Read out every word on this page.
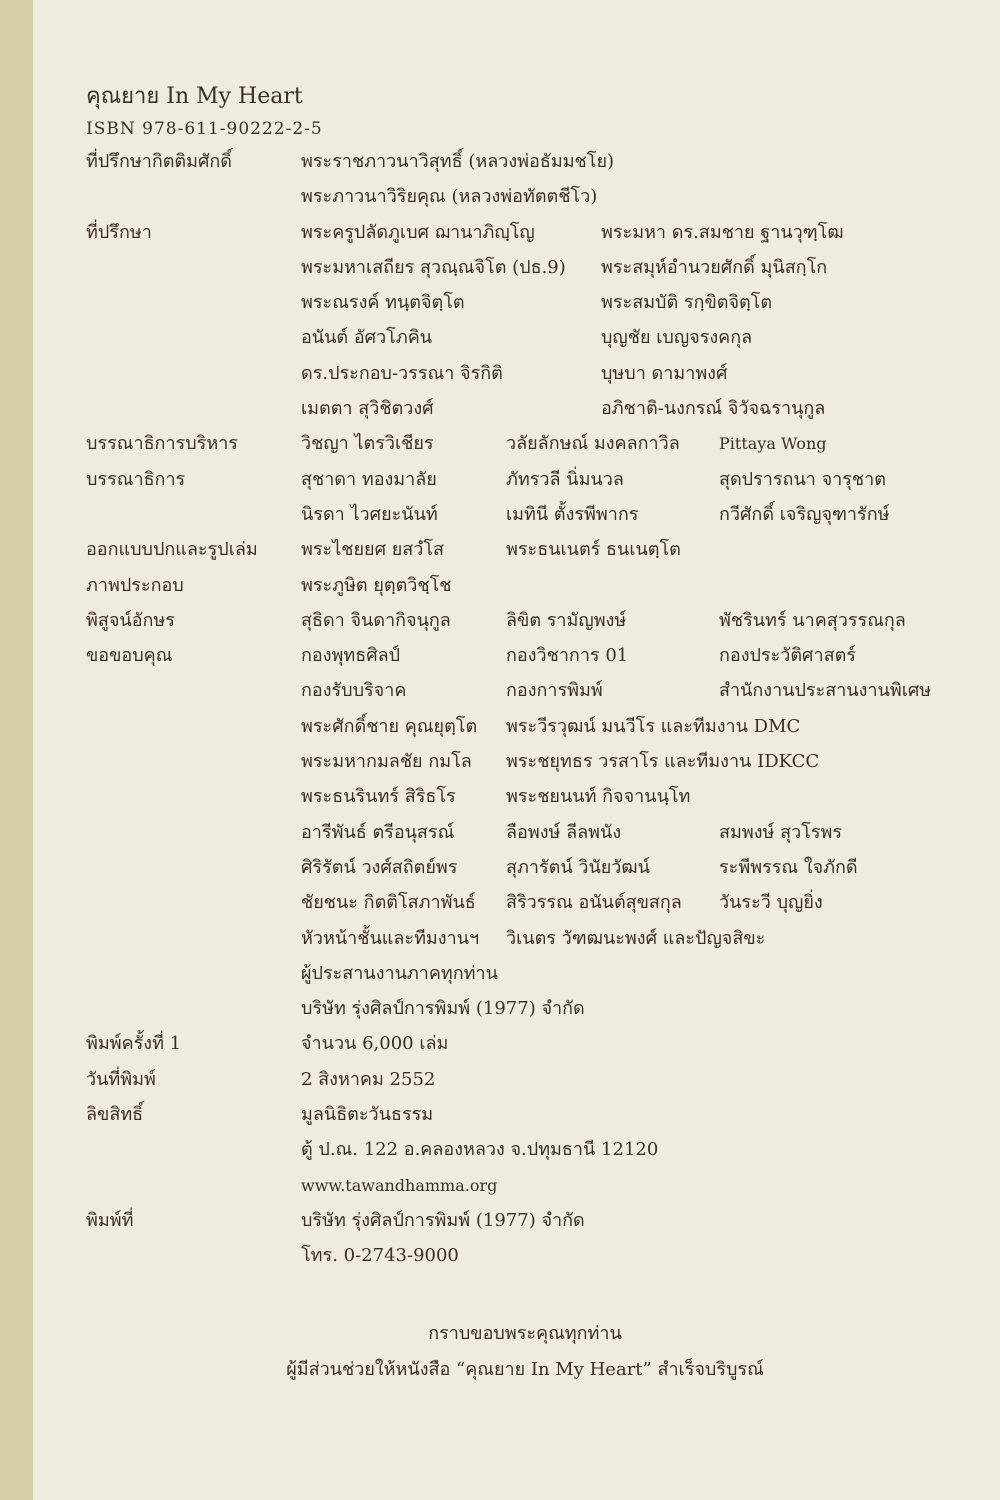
คุณยาย In My Heart
ISBN 978-611-90222-2-5
ที่ปรึกษากิตติมศักดิ์	พระราชภาวนาวิสุทธิ์ (หลวงพ่อธัมมชโย)
พระภาวนาวิริยคุณ (หลวงพ่อทัตตชีโว)
ที่ปรึกษา	พระครูปลัดภูเบศ ฌานาภิญฺโญ	พระมหา ดร.สมชาย ฐานวุฑฺโฒ
พระมหาเสถียร สุวณฺณจิโต (ปธ.9)	พระสมุห์อำนวยศักดิ์ มุนิสกฺโก
พระณรงค์ ทนฺตจิตฺโต	พระสมบัติ รกฺขิตจิตฺโต
อนันต์ อัศวโภคิน	บุญชัย เบญจรงคกุล
ดร.ประกอบ-วรรณา จิรกิติ	บุษบา ดามาพงศ์
เมตตา สุวิชิตวงศ์	อภิชาติ-นงกรณ์ จิวัจฉรานุกูล
บรรณาธิการบริหาร	วิชญา ไตรวิเชียร	วลัยลักษณ์ มงคลกาวิล	Pittaya Wong
บรรณาธิการ	สุชาดา ทองมาลัย	ภัทรวลี นิ่มนวล	สุดปรารถนา จารุชาต
นิรดา ไวศยะนันท์	เมทินี ตั้งรพีพากร	กวีศักดิ์ เจริญจุฑารักษ์
ออกแบบปกและรูปเล่ม	พระไชยยศ ยสวํโส	พระธนเนตร์ ธนเนตฺโต
ภาพประกอบ	พระภูษิต ยุตฺตวิชฺโช
พิสูจน์อักษร	สุธิดา จินดากิจนุกูล	ลิขิต รามัญพงษ์	พัชรินทร์ นาคสุวรรณกุล
ขอขอบคุณ	กองพุทธศิลป์	กองวิชาการ 01	กองประวัติศาสตร์
กองรับบริจาค	กองการพิมพ์	สำนักงานประสานงานพิเศษ
พระศักดิ์ชาย คุณยุตฺโต	พระวีรวุฒน์ มนวีโร และทีมงาน DMC
พระมหากมลชัย กมโล	พระชยุทธร วรสาโร และทีมงาน IDKCC
พระธนรินทร์ สิริธโร	พระชยนนท์ กิจจานนฺโท
อารีพันธ์ ตรีอนุสรณ์	ลือพงษ์ ลีลพนัง	สมพงษ์ สุวโรพร
ศิริรัตน์ วงศ์สถิตย์พร	สุภารัตน์ วินัยวัฒน์	ระพีพรรณ ใจภักดี
ชัยชนะ กิตติโสภาพันธ์	สิริวรรณ อนันต์สุขสกุล	วันระวี บุญยิ่ง
หัวหน้าชั้นและทีมงานฯ	วิเนตร วัฑฒนะพงศ์ และปัญจสิขะ
ผู้ประสานงานภาคทุกท่าน
บริษัท รุ่งศิลป์การพิมพ์ (1977) จำกัด
พิมพ์ครั้งที่ 1	จำนวน 6,000 เล่ม
วันที่พิมพ์	2 สิงหาคม 2552
ลิขสิทธิ์	มูลนิธิตะวันธรรม
ตู้ ป.ณ. 122 อ.คลองหลวง จ.ปทุมธานี 12120
www.tawandhamma.org
พิมพ์ที่	บริษัท รุ่งศิลป์การพิมพ์ (1977) จำกัด
โทร. 0-2743-9000
กราบขอบพระคุณทุกท่าน
ผู้มีส่วนช่วยให้หนังสือ “คุณยาย In My Heart” สำเร็จบริบูรณ์
